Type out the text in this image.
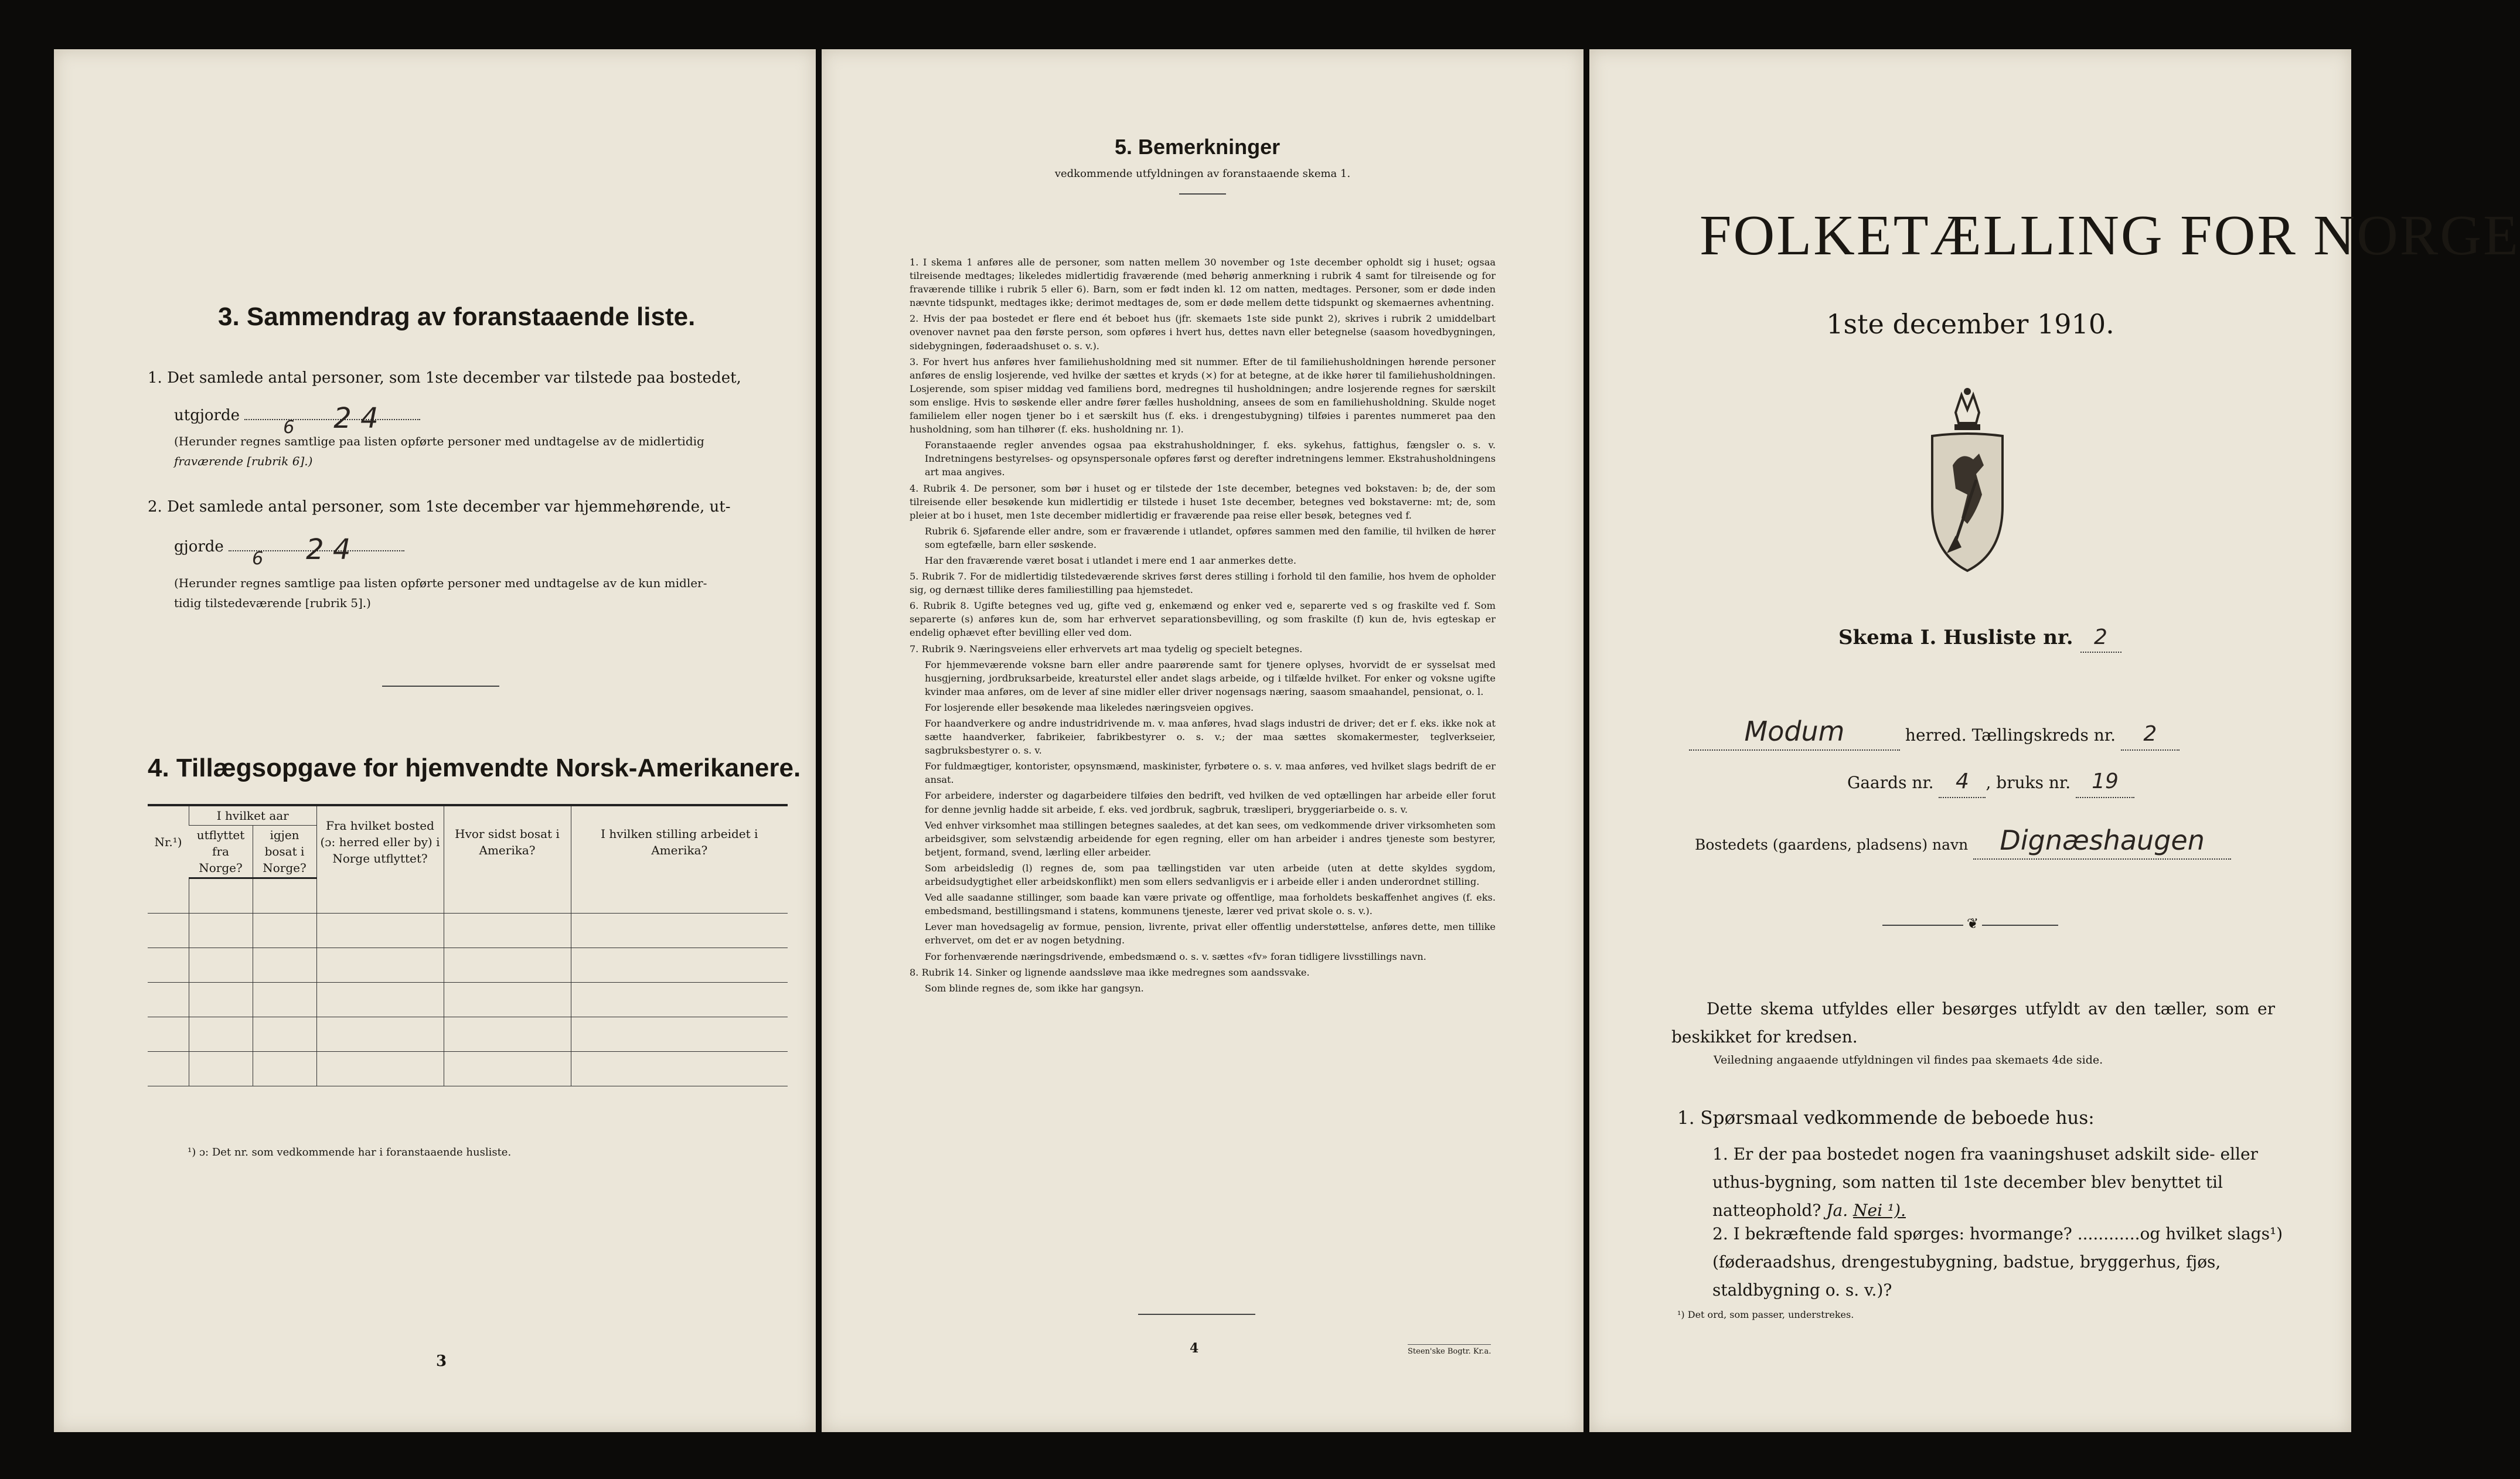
3. Sammendrag av foranstaaende liste.
1. Det samlede antal personer, som 1ste december var tilstede paa bostedet,
utgjorde
6 2 4
(Herunder regnes samtlige paa listen opførte personer med undtagelse av de midlertidig
fraværende [rubrik 6].)
2. Det samlede antal personer, som 1ste december var hjemmehørende, ut-
gjorde
6 2 4
(Herunder regnes samtlige paa listen opførte personer med undtagelse av de kun midler-
tidig tilstedeværende [rubrik 5].)
4. Tillægsopgave for hjemvendte Norsk-Amerikanere.
Nr.¹)	I hvilket aar		Fra hvilket bosted (ɔ: herred eller by) i Norge utflyttet?	Hvor sidst bosat i Amerika?	I hvilken stilling arbeidet i Amerika?
	utflyttet fra Norge?	igjen bosat i Norge?			

¹) ɔ: Det nr. som vedkommende har i foranstaaende husliste.
3
5. Bemerkninger
vedkommende utfyldningen av foranstaaende skema 1.

1. I skema 1 anføres alle de personer, som natten mellem 30 november og 1ste december opholdt sig i huset; ogsaa tilreisende medtages; likeledes midlertidig fraværende (med behørig anmerkning i rubrik 4 samt for tilreisende og for fraværende tillike i rubrik 5 eller 6). Barn, som er født inden kl. 12 om natten, medtages. Personer, som er døde inden nævnte tidspunkt, medtages ikke; derimot medtages de, som er døde mellem dette tidspunkt og skemaernes avhentning.

2. Hvis der paa bostedet er flere end ét beboet hus (jfr. skemaets 1ste side punkt 2), skrives i rubrik 2 umiddelbart ovenover navnet paa den første person, som opføres i hvert hus, dettes navn eller betegnelse (saasom hovedbygningen, sidebygningen, føderaadshuset o. s. v.).

3. For hvert hus anføres hver familiehusholdning med sit nummer. Efter de til familiehusholdningen hørende personer anføres de enslig losjerende, ved hvilke der sættes et kryds (×) for at betegne, at de ikke hører til familiehusholdningen. Losjerende, som spiser middag ved familiens bord, medregnes til husholdningen; andre losjerende regnes for særskilt som enslige. Hvis to søskende eller andre fører fælles husholdning, ansees de som en familiehusholdning. Skulde noget familielem eller nogen tjener bo i et særskilt hus (f. eks. i drengestubygning) tilføies i parentes nummeret paa den husholdning, som han tilhører (f. eks. husholdning nr. 1).

Foranstaaende regler anvendes ogsaa paa ekstrahusholdninger, f. eks. sykehus, fattighus, fængsler o. s. v. Indretningens bestyrelses- og opsynspersonale opføres først og derefter indretningens lemmer. Ekstrahusholdningens art maa angives.

4. Rubrik 4. De personer, som bør i huset og er tilstede der 1ste december, betegnes ved bokstaven: b; de, der som tilreisende eller besøkende kun midlertidig er tilstede i huset 1ste december, betegnes ved bokstaverne: mt; de, som pleier at bo i huset, men 1ste december midlertidig er fraværende paa reise eller besøk, betegnes ved f.

Rubrik 6. Sjøfarende eller andre, som er fraværende i utlandet, opføres sammen med den familie, til hvilken de hører som egtefælle, barn eller søskende.

Har den fraværende været bosat i utlandet i mere end 1 aar anmerkes dette.

5. Rubrik 7. For de midlertidig tilstedeværende skrives først deres stilling i forhold til den familie, hos hvem de opholder sig, og dernæst tillike deres familiestilling paa hjemstedet.

6. Rubrik 8. Ugifte betegnes ved ug, gifte ved g, enkemænd og enker ved e, separerte ved s og fraskilte ved f. Som separerte (s) anføres kun de, som har erhvervet separationsbevilling, og som fraskilte (f) kun de, hvis egteskap er endelig ophævet efter bevilling eller ved dom.

7. Rubrik 9. Næringsveiens eller erhvervets art maa tydelig og specielt betegnes.

For hjemmeværende voksne barn eller andre paarørende samt for tjenere oplyses, hvorvidt de er sysselsat med husgjerning, jordbruksarbeide, kreaturstel eller andet slags arbeide, og i tilfælde hvilket. For enker og voksne ugifte kvinder maa anføres, om de lever af sine midler eller driver nogensags næring, saasom smaahandel, pensionat, o. l.

For losjerende eller besøkende maa likeledes næringsveien opgives.

For haandverkere og andre industridrivende m. v. maa anføres, hvad slags industri de driver; det er f. eks. ikke nok at sætte haandverker, fabrikeier, fabrikbestyrer o. s. v.; der maa sættes skomakermester, teglverkseier, sagbruksbestyrer o. s. v.

For fuldmægtiger, kontorister, opsynsmænd, maskinister, fyrbøtere o. s. v. maa anføres, ved hvilket slags bedrift de er ansat.

For arbeidere, inderster og dagarbeidere tilføies den bedrift, ved hvilken de ved optællingen har arbeide eller forut for denne jevnlig hadde sit arbeide, f. eks. ved jordbruk, sagbruk, træsliperi, bryggeriarbeide o. s. v.

Ved enhver virksomhet maa stillingen betegnes saaledes, at det kan sees, om vedkommende driver virksomheten som arbeidsgiver, som selvstændig arbeidende for egen regning, eller om han arbeider i andres tjeneste som bestyrer, betjent, formand, svend, lærling eller arbeider.

Som arbeidsledig (l) regnes de, som paa tællingstiden var uten arbeide (uten at dette skyldes sygdom, arbeidsudygtighet eller arbeidskonflikt) men som ellers sedvanligvis er i arbeide eller i anden underordnet stilling.

Ved alle saadanne stillinger, som baade kan være private og offentlige, maa forholdets beskaffenhet angives (f. eks. embedsmand, bestillingsmand i statens, kommunens tjeneste, lærer ved privat skole o. s. v.).

Lever man hovedsagelig av formue, pension, livrente, privat eller offentlig understøttelse, anføres dette, men tillike erhvervet, om det er av nogen betydning.

For forhenværende næringsdrivende, embedsmænd o. s. v. sættes «fv» foran tidligere livsstillings navn.

8. Rubrik 14. Sinker og lignende aandssløve maa ikke medregnes som aandssvake.

Som blinde regnes de, som ikke har gangsyn.

4	Steen'ske Bogtr. Kr.a.
FOLKETÆLLING FOR NORGE
1ste december 1910.
Skema I. Husliste nr. 2
Modum	herred. Tællingskreds nr. 2
Gaards nr. 4 , bruks nr. 19
Bostedets (gaardens, pladsens) navn Dignæshaugen
❦
Dette skema utfyldes eller besørges utfyldt av den tæller, som er beskikket for kredsen.
Veiledning angaaende utfyldningen vil findes paa skemaets 4de side.
1. Spørsmaal vedkommende de beboede hus:
1. Er der paa bostedet nogen fra vaaningshuset adskilt side- eller uthus-bygning, som natten til 1ste december blev benyttet til natteophold? Ja. Nei ¹).
2. I bekræftende fald spørges: hvormange? ............og hvilket slags¹) (føderaadshus, drengestubygning, badstue, bryggerhus, fjøs, staldbygning o. s. v.)?
¹) Det ord, som passer, understrekes.
